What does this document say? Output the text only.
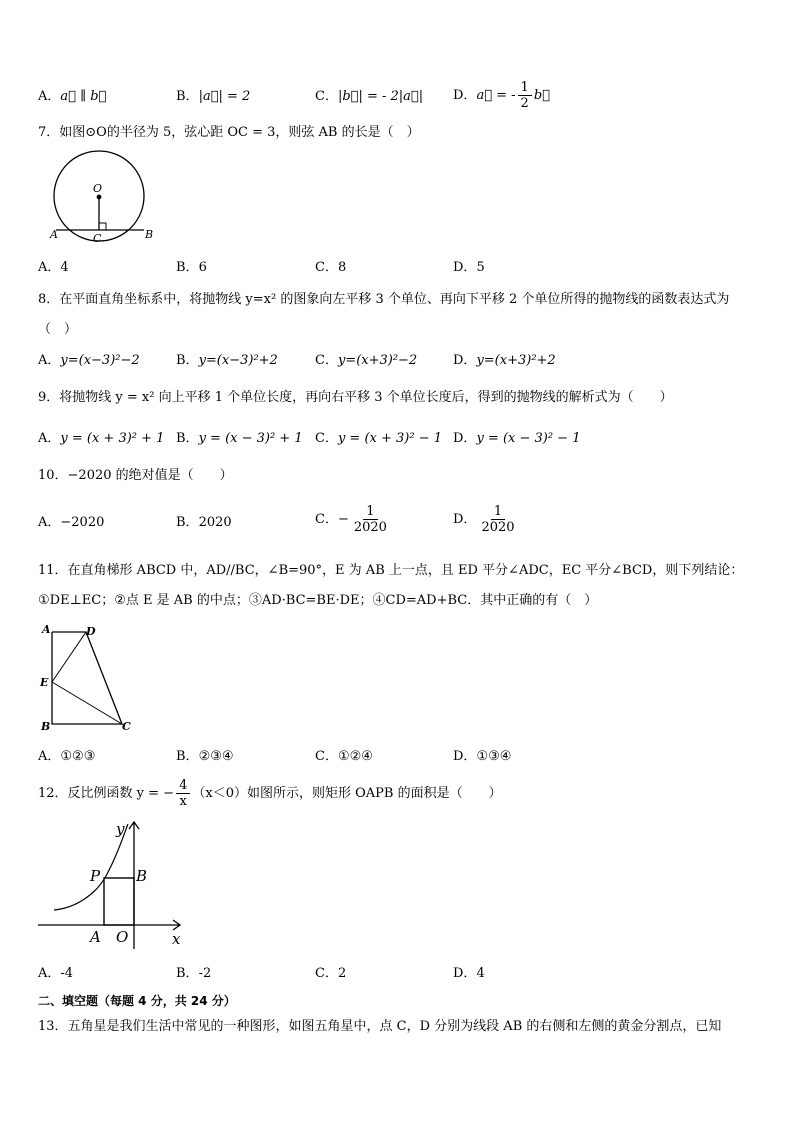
A．a⃗ ∥ b⃗	B．|a⃗| = 2	C．|b⃗| = - 2|a⃗| D．a⃗ = - $\frac{1}{2}$ b⃗
7．如图⊙O的半径为 5，弦心距 OC = 3，则弦 AB 的长是（　）
O
A	C	B
A．4	B．6	C．8	D．5
8．在平面直角坐标系中，将抛物线 y=x² 的图象向左平移 3 个单位、再向下平移 2 个单位所得的抛物线的函数表达式为
（　）
A．y=(x−3)²−2	B．y=(x−3)²+2	C．y=(x+3)²−2	D．y=(x+3)²+2
9．将抛物线 y = x² 向上平移 1 个单位长度，再向右平移 3 个单位长度后，得到的抛物线的解析式为（　　）
A．y = (x + 3)² + 1 B．y = (x − 3)² + 1 C．y = (x + 3)² − 1 D．y = (x − 3)² − 1
10．−2020 的绝对值是（　　）
A．−2020	B．2020	C．− $\frac{1}{2020}$	D． $\frac{1}{2020}$
11．在直角梯形 ABCD 中，AD//BC，∠B=90°，E 为 AB 上一点，且 ED 平分∠ADC，EC 平分∠BCD，则下列结论：
①DE⊥EC；②点 E 是 AB 的中点；③AD·BC=BE·DE；④CD=AD+BC．其中正确的有（　）
A	D
E
B	C
A．①②③	B．②③④	C．①②④	D．①③④
12．反比例函数 y = − $\frac{4}{x} (x<0)$如图所示，则矩形 OAPB 的面积是（　　）
y
x
P B
A O
A．-4	B．-2	C．2	D．4
二、填空题（每题 4 分，共 24 分）
13．五角星是我们生活中常见的一种图形，如图五角星中，点 C，D 分别为线段 AB 的右侧和左侧的黄金分割点，已知
